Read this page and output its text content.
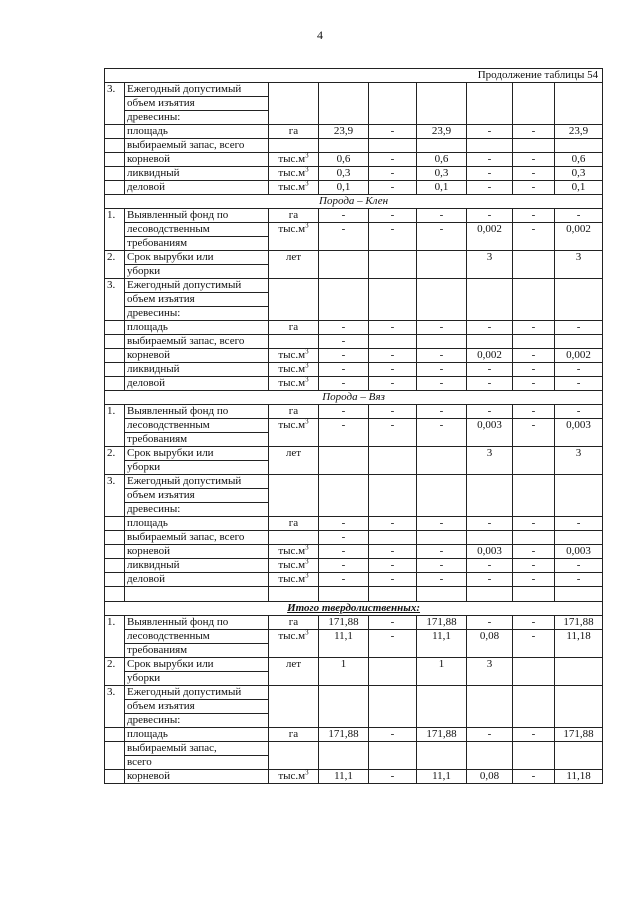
4
Продолжение таблицы 54								
3.	Ежегодный допустимый							
	объем изъятия							
	древесины:							
	площадь	га	23,9	-	23,9	-	-	23,9
	выбираемый запас, всего							
	корневой	$тыс.м^3$	0,6	-	0,6	-	-	0,6
	ликвидный	$тыс.м^3$	0,3	-	0,3	-	-	0,3
	деловой	$тыс.м^3$	0,1	-	0,1	-	-	0,1
Порода – Клен								
1.	Выявленный фонд по	га	-	-	-	-	-	-
	лесоводственным	$тыс.м^3$	-	-	-	0,002	-	0,002
	требованиям							
2.	Срок вырубки или	лет				3		3
	уборки							
3.	Ежегодный допустимый							
	объем изъятия							
	древесины:							
	площадь	га	-	-	-	-	-	-
	выбираемый запас, всего		-					
	корневой	$тыс.м^3$	-	-	-	0,002	-	0,002
	ликвидный	$тыс.м^3$	-	-	-	-	-	-
	деловой	$тыс.м^3$	-	-	-	-	-	-
Порода – Вяз								
1.	Выявленный фонд по	га	-	-	-	-	-	-
	лесоводственным	$тыс.м^3$	-	-	-	0,003	-	0,003
	требованиям							
2.	Срок вырубки или	лет				3		3
	уборки							
3.	Ежегодный допустимый							
	объем изъятия							
	древесины:							
	площадь	га	-	-	-	-	-	-
	выбираемый запас, всего		-					
	корневой	$тыс.м^3$	-	-	-	0,003	-	0,003
	ликвидный	$тыс.м^3$	-	-	-	-	-	-
	деловой	$тыс.м^3$	-	-	-	-	-	-

Итого твердолиственных:								
1.	Выявленный фонд по	га	171,88	-	171,88	-	-	171,88
	лесоводственным	$тыс.м^3$	11,1	-	11,1	0,08	-	11,18
	требованиям							
2.	Срок вырубки или	лет	1		1	3		
	уборки							
3.	Ежегодный допустимый							
	объем изъятия							
	древесины:							
	площадь	га	171,88	-	171,88	-	-	171,88
	выбираемый запас,							
	всего							
	корневой	$тыс.м^3$	11,1	-	11,1	0,08	-	11,18
